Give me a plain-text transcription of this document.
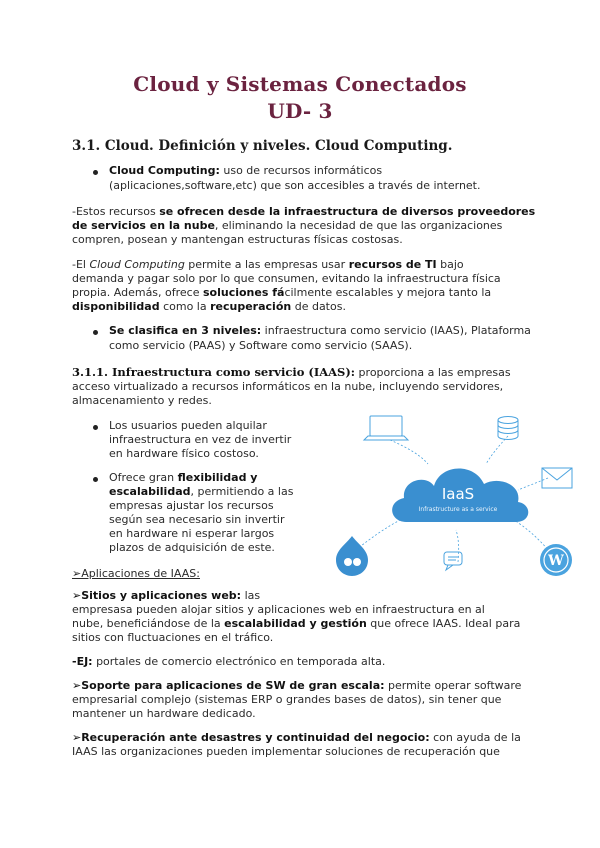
Cloud y Sistemas Conectados
UD- 3
3.1. Cloud. Definición y niveles. Cloud Computing.
Cloud Computing: uso de recursos informáticos
(aplicaciones,software,etc) que son accesibles a través de internet.
-Estos recursos se ofrecen desde la infraestructura de diversos proveedores
de servicios en la nube, eliminando la necesidad de que las organizaciones
compren, posean y mantengan estructuras físicas costosas.
-El Cloud Computing permite a las empresas usar recursos de TI bajo
demanda y pagar solo por lo que consumen, evitando la infraestructura física
propia. Además, ofrece soluciones fácilmente escalables y mejora tanto la
disponibilidad como la recuperación de datos.
Se clasifica en 3 niveles: infraestructura como servicio (IAAS), Plataforma
como servicio (PAAS) y Software como servicio (SAAS).
3.1.1. Infraestructura como servicio (IAAS): proporciona a las empresas
acceso virtualizado a recursos informáticos en la nube, incluyendo servidores,
almacenamiento y redes.
Los usuarios pueden alquilar
infraestructura en vez de invertir
en hardware físico costoso.
Ofrece gran flexibilidad y
escalabilidad, permitiendo a las
empresas ajustar los recursos
según sea necesario sin invertir
en hardware ni esperar largos
plazos de adquisición de este.
IaaS
Infrastructure as a service
W
➢Aplicaciones de IAAS:
➢Sitios y aplicaciones web: las
empresasa pueden alojar sitios y aplicaciones web en infraestructura en al
nube, beneficiándose de la escalabilidad y gestión que ofrece IAAS. Ideal para
sitios con fluctuaciones en el tráfico.
-EJ: portales de comercio electrónico en temporada alta.
➢Soporte para aplicaciones de SW de gran escala: permite operar software
empresarial complejo (sistemas ERP o grandes bases de datos), sin tener que
mantener un hardware dedicado.
➢Recuperación ante desastres y continuidad del negocio: con ayuda de la
IAAS las organizaciones pueden implementar soluciones de recuperación que
